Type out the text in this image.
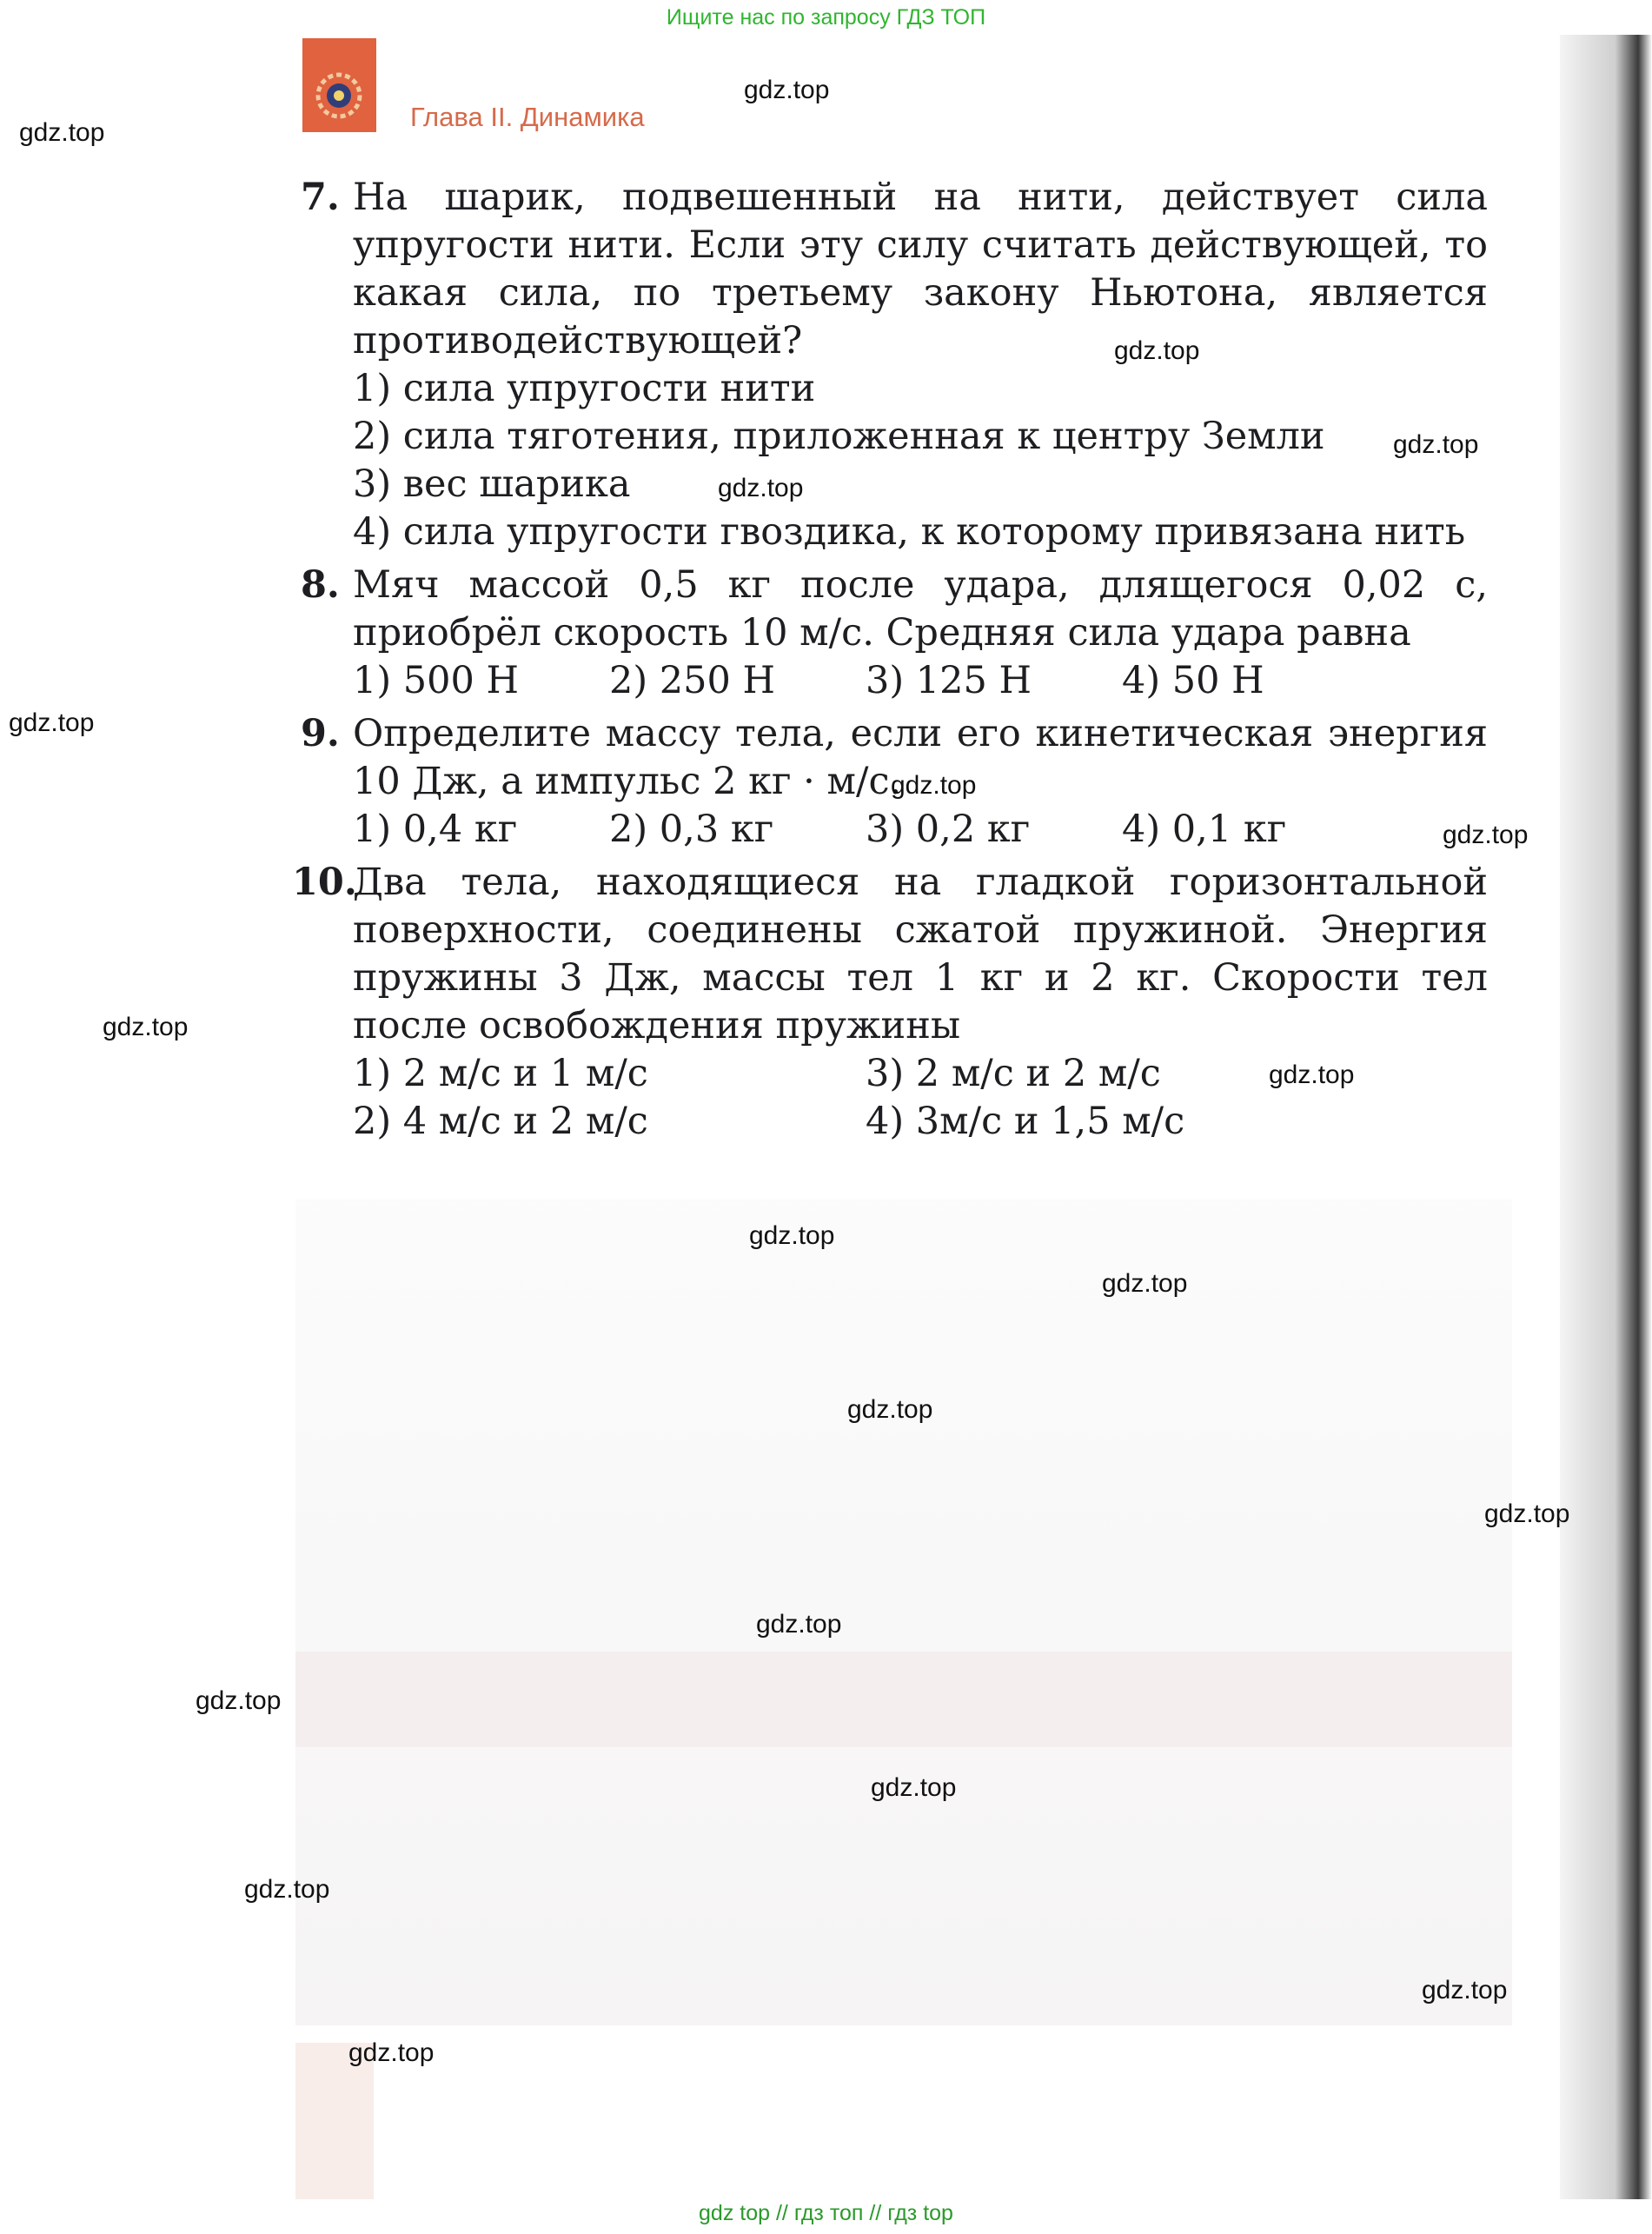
Ищите нас по запросу ГДЗ ТОП
Глава II. Динамика
7. На шарик, подвешенный на нити, действует сила упругости нити. Если эту силу считать действующей, то какая сила, по третьему закону Ньютона, является противодействующей?

1) сила упругости нити

2) сила тяготения, приложенная к центру Земли

3) вес шарика

4) сила упругости гвоздика, к которому привязана нить

8. Мяч массой 0,5 кг после удара, длящегося 0,02 с, приобрёл скорость 10 м/с. Средняя сила удара равна

1) 500 Н	2) 250 Н	3) 125 Н	4) 50 Н
9. Определите массу тела, если его кинетическая энергия 10 Дж, а импульс 2 кг · м/с.

1) 0,4 кг	2) 0,3 кг	3) 0,2 кг	4) 0,1 кг
10.

Два тела, находящиеся на гладкой горизонтальной поверхности, соединены сжатой пружиной. Энергия пружины 3 Дж, массы тел 1 кг и 2 кг. Скорости тел после освобождения пружины

1) 2 м/с и 1 м/с	3) 2 м/с и 2 м/с
2) 4 м/с и 2 м/с	4) 3м/с и 1,5 м/с
gdz.top
gdz.top
gdz.top
gdz.top
gdz.top
gdz.top
gdz.top
gdz.top
gdz.top
gdz.top
gdz.top
gdz.top
gdz.top
gdz.top
gdz.top
gdz.top
gdz.top
gdz.top
gdz.top
gdz.top
gdz top // гдз топ // гдз top
